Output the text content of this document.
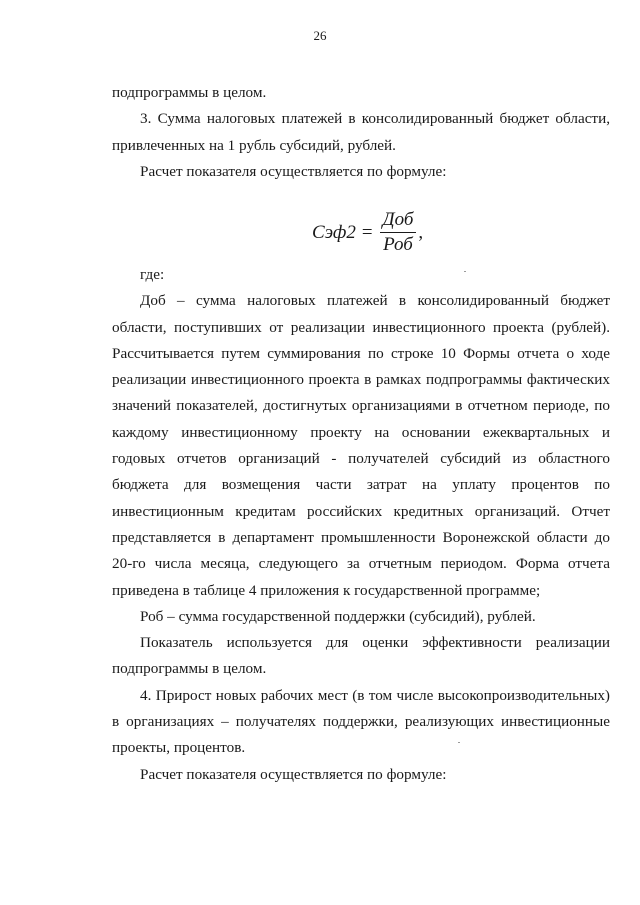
26

подпрограммы в целом.

3. Сумма налоговых платежей в консолидированный бюджет области, привлеченных на 1 рубль субсидий, рублей.

Расчет показателя осуществляется по формуле:

$Сэф2 = \frac{\text{Доб}}{\text{Роб}}$ ,

где:

Доб – сумма налоговых платежей в консолидированный бюджет области, поступивших от реализации инвестиционного проекта (рублей). Рассчитывается путем суммирования по строке 10 Формы отчета о ходе реализации инвестиционного проекта в рамках подпрограммы фактических значений показателей, достигнутых организациями в отчетном периоде, по каждому инвестиционному проекту на основании ежеквартальных и годовых отчетов организаций - получателей субсидий из областного бюджета для возмещения части затрат на уплату процентов по инвестиционным кредитам российских кредитных организаций. Отчет представляется в департамент промышленности Воронежской области до 20-го числа месяца, следующего за отчетным периодом. Форма отчета приведена в таблице 4 приложения к государственной программе;

Роб – сумма государственной поддержки (субсидий), рублей.

Показатель используется для оценки эффективности реализации подпрограммы в целом.

4. Прирост новых рабочих мест (в том числе высокопроизводительных) в организациях – получателях поддержки, реализующих инвестиционные проекты, процентов.

Расчет показателя осуществляется по формуле:
